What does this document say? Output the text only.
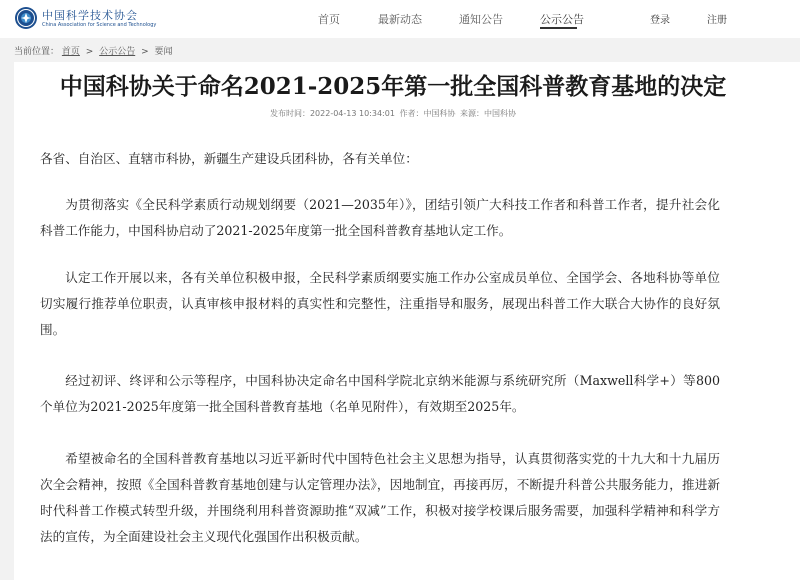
中国科学技术协会
China Association for Science and Technology	首页	最新动态	通知公告	公示公告	登录	注册
当前位置： 首页 > 公示公告 > 要闻
中国科协关于命名2021-2025年第一批全国科普教育基地的决定
发布时间：2022-04-13 10:34:01 作者：中国科协 来源：中国科协
各省、自治区、直辖市科协，新疆生产建设兵团科协，各有关单位：
为贯彻落实《全民科学素质行动规划纲要（2021—2035年）》，团结引领广大科技工作者和科普工作者，提升社会化科普工作能力，中国科协启动了2021-2025年度第一批全国科普教育基地认定工作。
认定工作开展以来，各有关单位积极申报，全民科学素质纲要实施工作办公室成员单位、全国学会、各地科协等单位切实履行推荐单位职责，认真审核申报材料的真实性和完整性，注重指导和服务，展现出科普工作大联合大协作的良好氛围。
经过初评、终评和公示等程序，中国科协决定命名中国科学院北京纳米能源与系统研究所（Maxwell科学+）等800个单位为2021-2025年度第一批全国科普教育基地（名单见附件），有效期至2025年。
希望被命名的全国科普教育基地以习近平新时代中国特色社会主义思想为指导，认真贯彻落实党的十九大和十九届历次全会精神，按照《全国科普教育基地创建与认定管理办法》，因地制宜，再接再厉，不断提升科普公共服务能力，推进新时代科普工作模式转型升级，并围绕利用科普资源助推“双减”工作，积极对接学校课后服务需要，加强科学精神和科学方法的宣传，为全面建设社会主义现代化强国作出积极贡献。
